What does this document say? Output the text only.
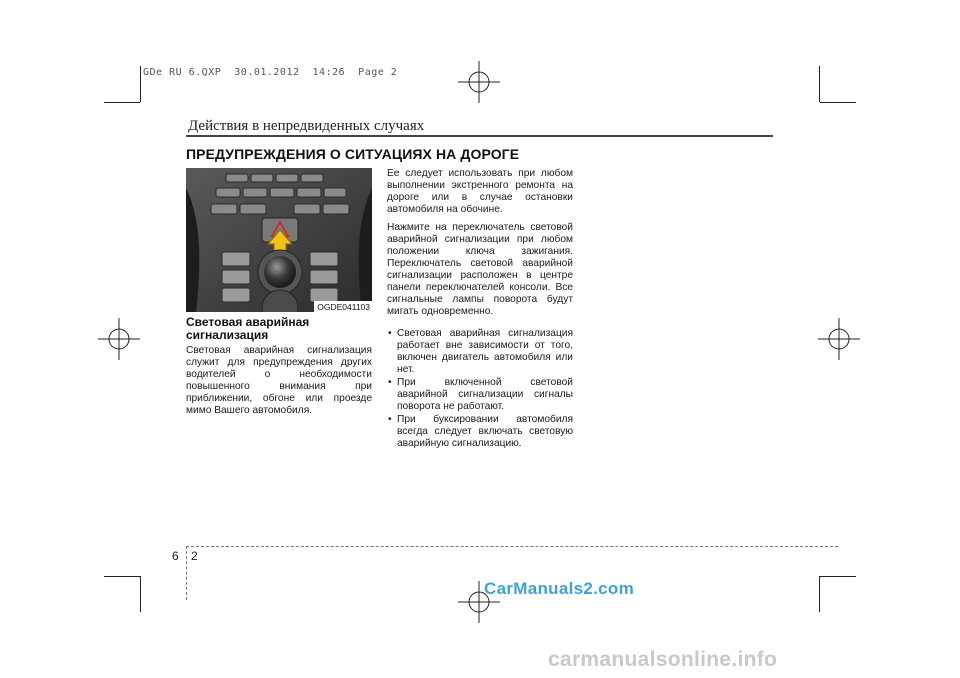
GDe RU 6.QXP  30.01.2012  14:26  Page 2
Действия в непредвиденных случаях
ПРЕДУПРЕЖДЕНИЯ О СИТУАЦИЯХ НА ДОРОГЕ
OGDE041103
Световая аварийная сигнализация

Световая аварийная сигнализация служит для предупреждения других водителей о необходимости повышенного внимания при приближении, обгоне или проезде мимо Вашего автомобиля.

Ее следует использовать при любом выполнении экстренного ремонта на дороге или в случае остановки автомобиля на обочине.

Нажмите на переключатель световой аварийной сигнализации при любом положении ключа зажигания. Переключатель световой аварийной сигнализации расположен в центре панели переключателей консоли. Все сигнальные лампы поворота будут мигать одновременно.

• Световая аварийная сигнализация работает вне зависимости от того, включен двигатель автомобиля или нет.
• При включенной световой аварийной сигнализации сигналы поворота не работают.
• При буксировании автомобиля всегда следует включать световую аварийную сигнализацию.
6 2
CarManuals2.com
carmanualsonline.info
